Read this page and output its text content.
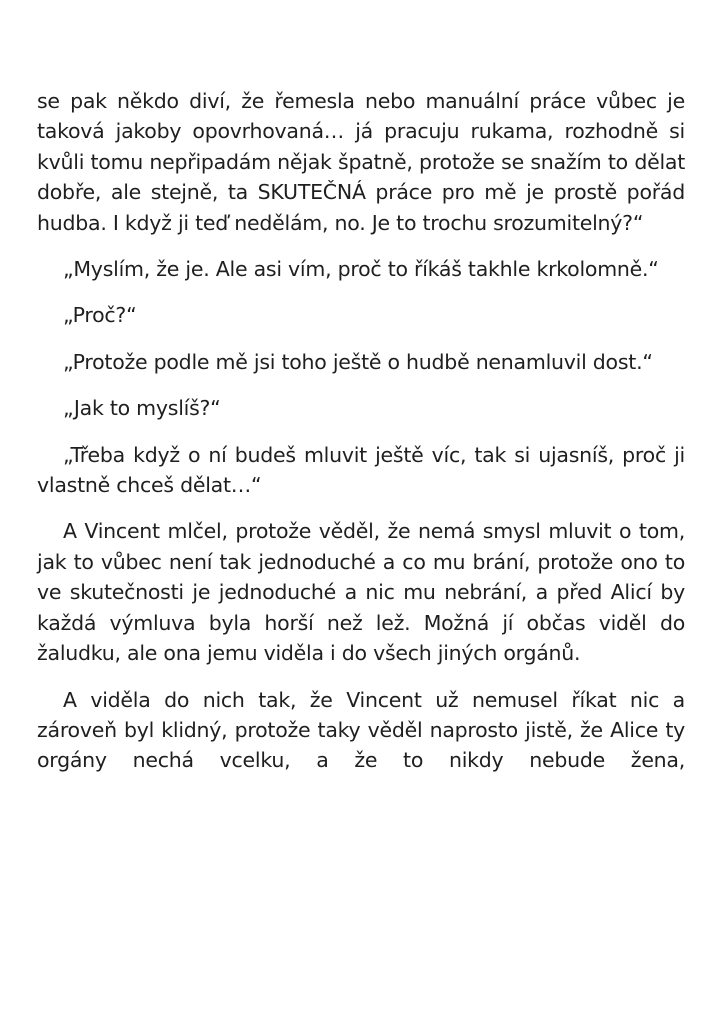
se pak někdo diví, že řemesla nebo manuální práce vůbec je taková jakoby opovrhovaná… já pracuju rukama, rozhodně si kvůli tomu nepřipadám nějak špatně, protože se snažím to dělat dobře, ale stejně, ta SKUTEČNÁ práce pro mě je prostě pořád hudba. I když ji teď nedělám, no. Je to trochu srozumitelný?“

„Myslím, že je. Ale asi vím, proč to říkáš takhle krkolomně.“

„Proč?“

„Protože podle mě jsi toho ještě o hudbě nenamluvil dost.“

„Jak to myslíš?“

„Třeba když o ní budeš mluvit ještě víc, tak si ujasníš, proč ji vlastně chceš dělat…“

A Vincent mlčel, protože věděl, že nemá smysl mluvit o tom, jak to vůbec není tak jednoduché a co mu brání, protože ono to ve skutečnosti je jednoduché a nic mu nebrání, a před Alicí by každá výmluva byla horší než lež. Možná jí občas viděl do žaludku, ale ona jemu viděla i do všech jiných orgánů.

A viděla do nich tak, že Vincent už nemusel říkat nic a zároveň byl klidný, protože taky věděl naprosto jistě, že Alice ty orgány nechá vcelku, a že to nikdy nebude žena,
